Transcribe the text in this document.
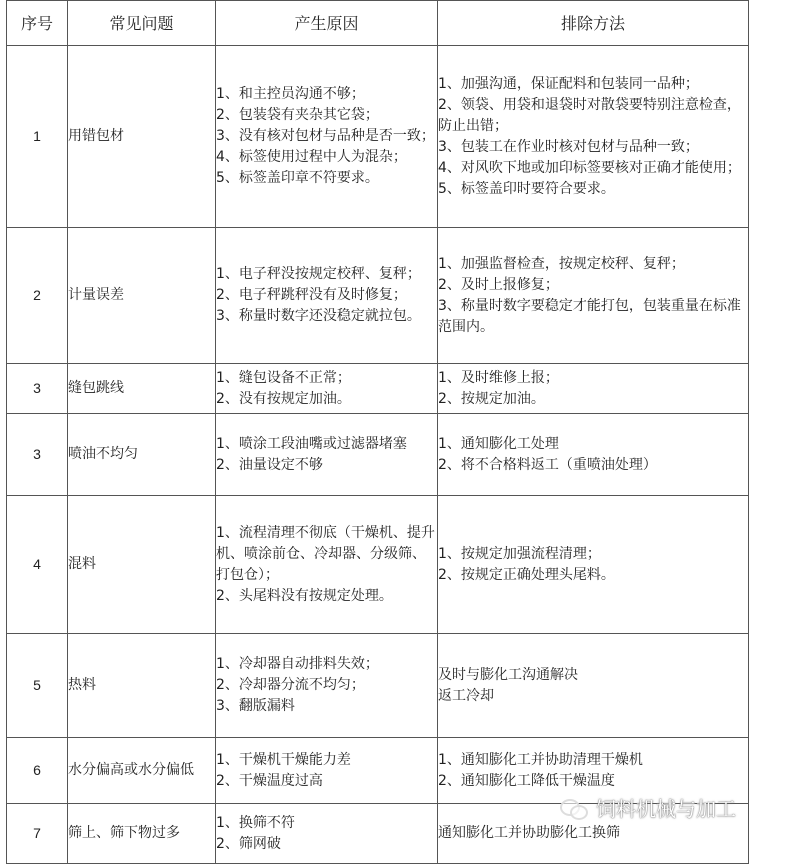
序号	常见问题	产生原因	排除方法
1	用错包材	1、和主控员沟通不够；
2、包装袋有夹杂其它袋；
3、没有核对包材与品种是否一致；
4、标签使用过程中人为混杂；
5、标签盖印章不符要求。	1、加强沟通，保证配料和包装同一品种；
2、领袋、用袋和退袋时对散袋要特别注意检查，防止出错；
3、包装工在作业时核对包材与品种一致；
4、对风吹下地或加印标签要核对正确才能使用；
5、标签盖印时要符合要求。

2	计量误差	1、电子秤没按规定校秤、复秤；
2、电子秤跳秤没有及时修复；
3、称量时数字还没稳定就拉包。	1、加强监督检查，按规定校秤、复秤；
2、及时上报修复；
3、称量时数字要稳定才能打包，包装重量在标准范围内。

3	缝包跳线	1、缝包设备不正常；
2、没有按规定加油。	1、及时维修上报；
2、按规定加油。

3	喷油不均匀	1、喷涂工段油嘴或过滤器堵塞
2、油量设定不够	1、通知膨化工处理
2、将不合格料返工（重喷油处理）

4	混料	1、流程清理不彻底（干燥机、提升机、喷涂前仓、冷却器、分级筛、打包仓）；
2、头尾料没有按规定处理。	1、按规定加强流程清理；
2、按规定正确处理头尾料。

5	热料	1、冷却器自动排料失效；
2、冷却器分流不均匀；
3、翻版漏料	及时与膨化工沟通解决
返工冷却

6	水分偏高或水分偏低	1、干燥机干燥能力差
2、干燥温度过高	1、通知膨化工并协助清理干燥机
2、通知膨化工降低干燥温度

7	筛上、筛下物过多	1、换筛不符
2、筛网破	通知膨化工并协助膨化工换筛
饲料机械与加工
